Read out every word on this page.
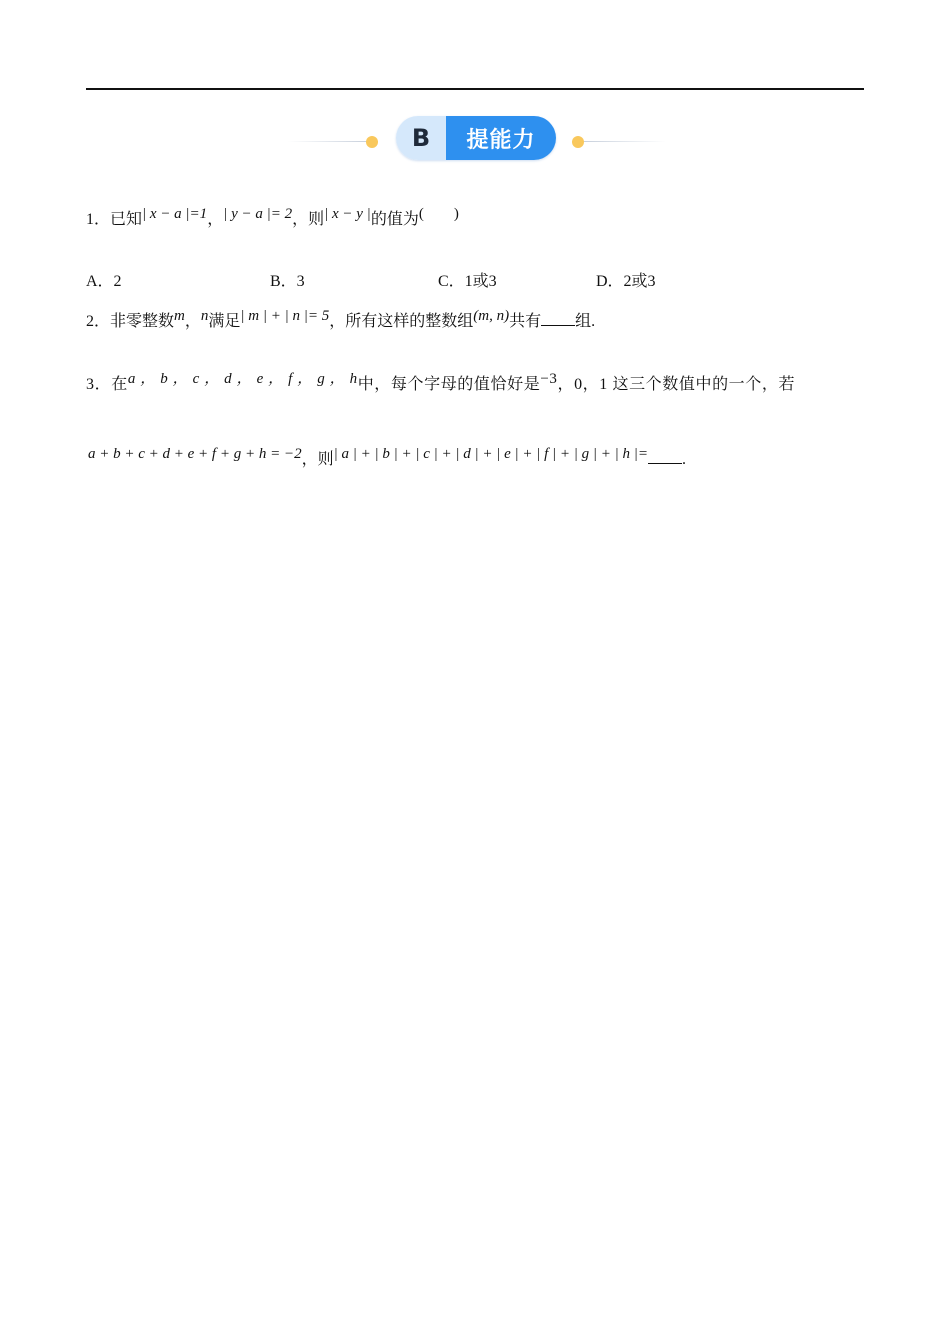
B	提能力
1．已知| x − a |=1，| y − a |= 2，则| x − y |的值为(        )
A．2	B．3	C．1或3	D．2或3
2．非零整数m，n满足| m | + | n |= 5，所有这样的整数组(m, n)共有 组.
3．在a ， b ， c ， d ， e ， f ， g ， h中，每个字母的值恰好是−3，0，1 这三个数值中的一个，若
a + b + c + d + e + f + g + h = −2，则| a | + | b | + | c | + | d | + | e | + | f | + | g | + | h |= .
